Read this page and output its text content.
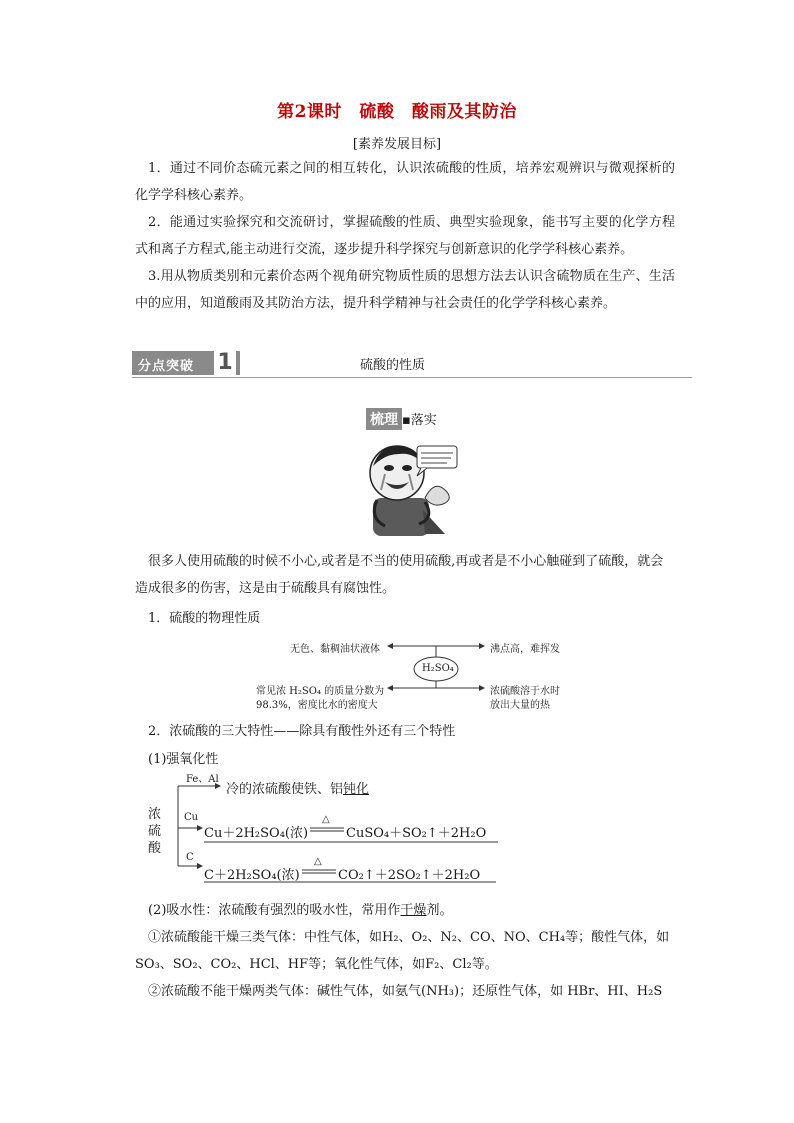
第2课时　硫酸　酸雨及其防治
[素养发展目标]

1．通过不同价态硫元素之间的相互转化，认识浓硫酸的性质，培养宏观辨识与微观探析的化学学科核心素养。

2．能通过实验探究和交流研讨，掌握硫酸的性质、典型实验现象，能书写主要的化学方程式和离子方程式,能主动进行交流，逐步提升科学探究与创新意识的化学学科核心素养。

3.用从物质类别和元素价态两个视角研究物质性质的思想方法去认识含硫物质在生产、生活中的应用，知道酸雨及其防治方法，提升科学精神与社会责任的化学学科核心素养。

分点突破 1	硫酸的性质
梳理 ▪落实
很多人使用硫酸的时候不小心,或者是不当的使用硫酸,再或者是不小心触碰到了硫酸，就会造成很多的伤害，这是由于硫酸具有腐蚀性。
1．硫酸的物理性质
H₂SO₄
无色、黏稠油状液体	沸点高，难挥发
常见浓 H₂SO₄ 的质量分数为
98.3%，密度比水的密度大
浓硫酸溶于水时
放出大量的热
2．浓硫酸的三大特性——除具有酸性外还有三个特性
(1)强氧化性
浓
硫
酸
Fe、Al
冷的浓硫酸使铁、铝钝化
Cu
Cu＋2H₂SO₄(浓)
△
CuSO₄＋SO₂↑＋2H₂O
C
C＋2H₂SO₄(浓)
△
CO₂↑＋2SO₂↑＋2H₂O
(2)吸水性：浓硫酸有强烈的吸水性，常用作干燥剂。
①浓硫酸能干燥三类气体：中性气体，如H₂、O₂、N₂、CO、NO、CH₄等；酸性气体，如SO₃、SO₂、CO₂、HCl、HF等；氧化性气体，如F₂、Cl₂等。
②浓硫酸不能干燥两类气体：碱性气体，如氨气(NH₃)；还原性气体，如 HBr、HI、H₂S
